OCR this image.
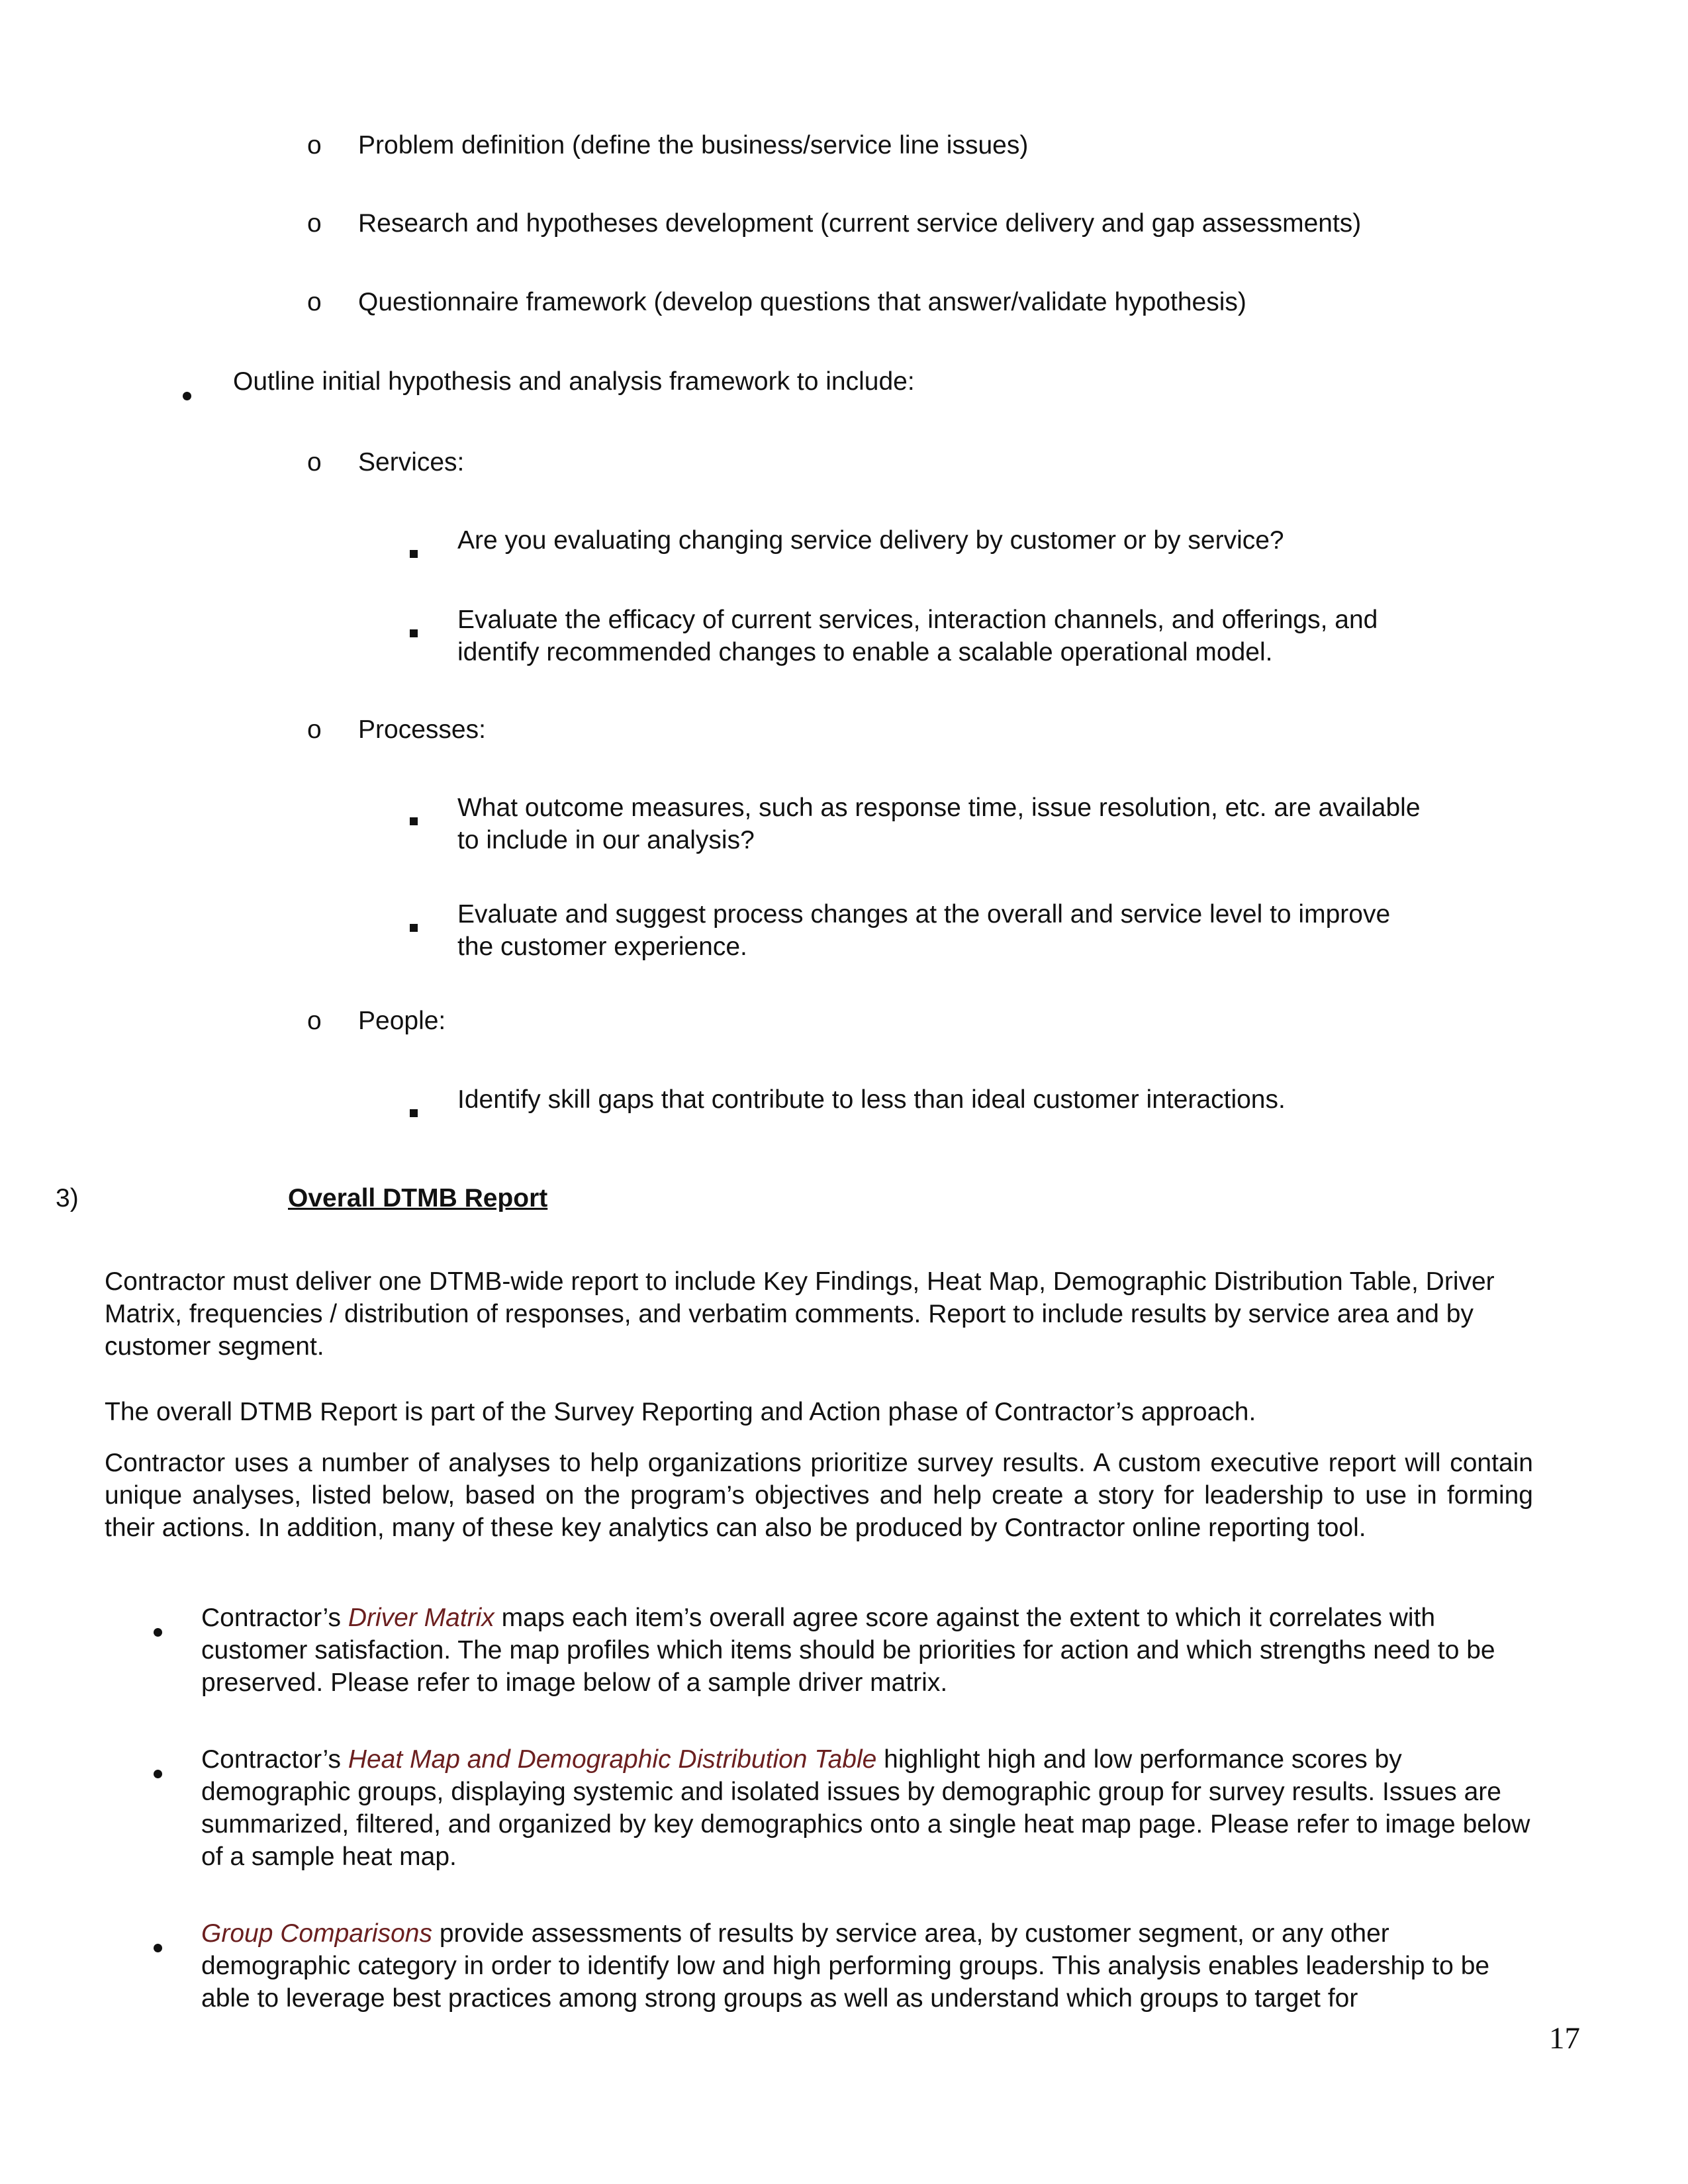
o Problem definition (define the business/service line issues)
o Research and hypotheses development (current service delivery and gap assessments)
o Questionnaire framework (develop questions that answer/validate hypothesis)
Outline initial hypothesis and analysis framework to include:
o Services:
Are you evaluating changing service delivery by customer or by service?
Evaluate the efficacy of current services, interaction channels, and offerings, and
identify recommended changes to enable a scalable operational model.
o Processes:
What outcome measures, such as response time, issue resolution, etc. are available
to include in our analysis?
Evaluate and suggest process changes at the overall and service level to improve
the customer experience.
o People:
Identify skill gaps that contribute to less than ideal customer interactions.
3)	Overall DTMB Report
Contractor must deliver one DTMB-wide report to include Key Findings, Heat Map, Demographic Distribution Table, Driver Matrix, frequencies / distribution of responses, and verbatim comments. Report to include results by service area and by customer segment.
The overall DTMB Report is part of the Survey Reporting and Action phase of Contractor’s approach.
Contractor uses a number of analyses to help organizations prioritize survey results. A custom executive report will contain unique analyses, listed below, based on the program’s objectives and help create a story for leadership to use in forming their actions. In addition, many of these key analytics can also be produced by Contractor online reporting tool.
Contractor’s Driver Matrix maps each item’s overall agree score against the extent to which it correlates with customer satisfaction. The map profiles which items should be priorities for action and which strengths need to be preserved. Please refer to image below of a sample driver matrix.
Contractor’s Heat Map and Demographic Distribution Table highlight high and low performance scores by demographic groups, displaying systemic and isolated issues by demographic group for survey results. Issues are summarized, filtered, and organized by key demographics onto a single heat map page. Please refer to image below of a sample heat map.
Group Comparisons provide assessments of results by service area, by customer segment, or any other demographic category in order to identify low and high performing groups. This analysis enables leadership to be able to leverage best practices among strong groups as well as understand which groups to target for
17
